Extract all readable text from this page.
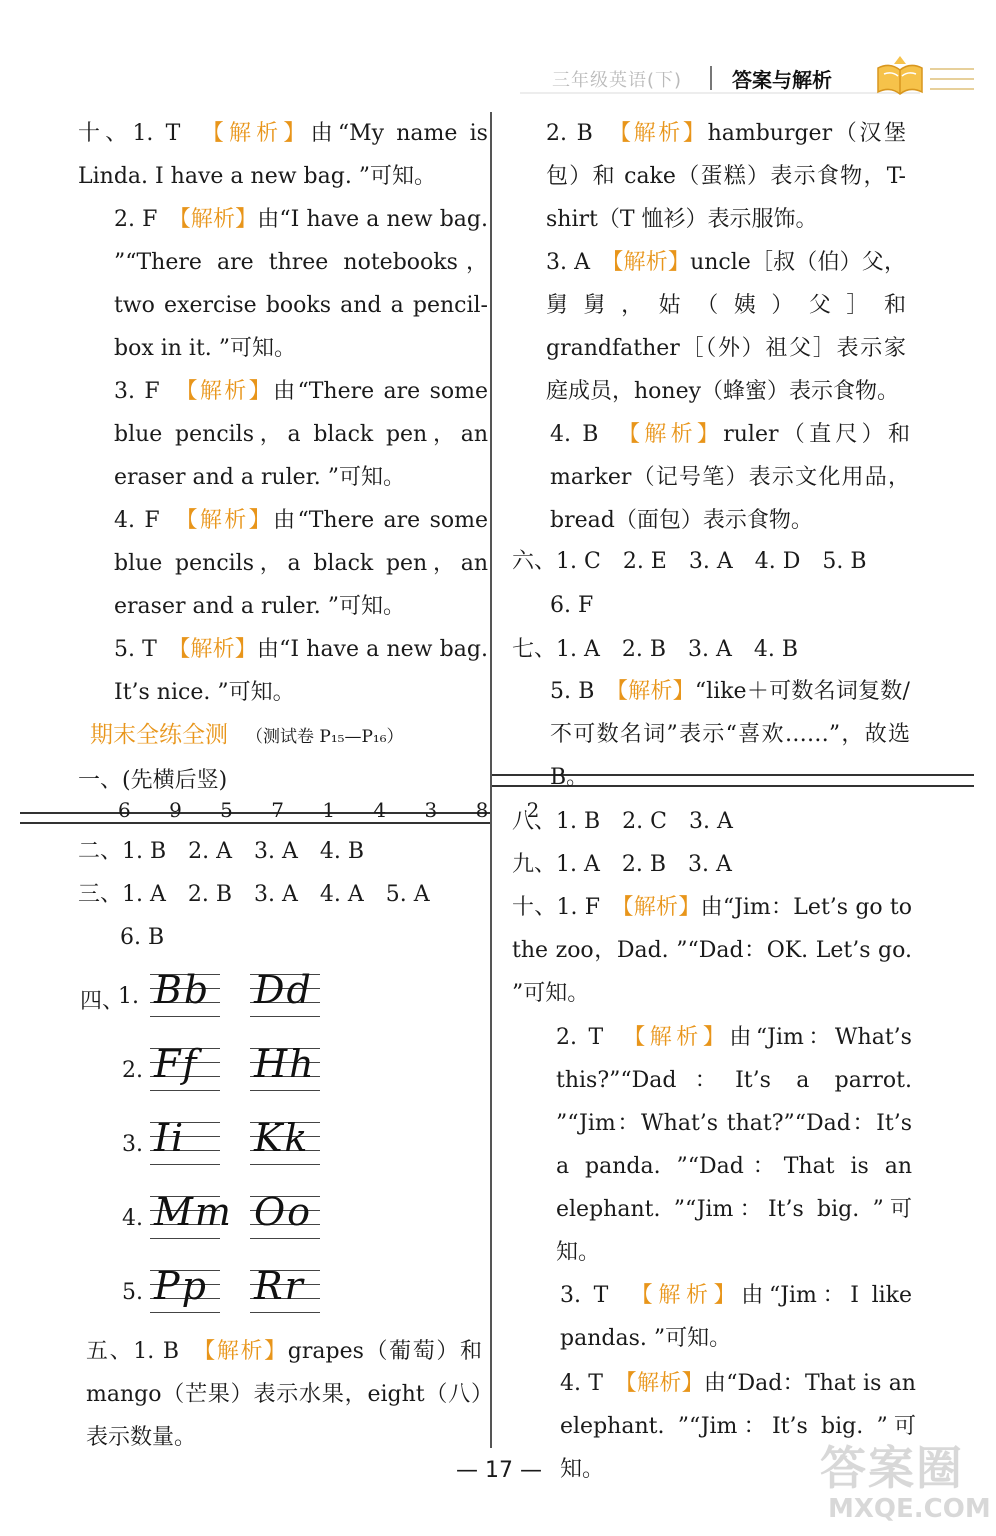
三年级英语(下) 答案与解析
十、1. T　 【解析】由“My name is Linda. I have a new bag. ”可知。
2. F　 【解析】由“I have a new bag. ”“There are three notebooks，two exercise books and a pencil-box in it. ”可知。
3. F　 【解析】由“There are some blue pencils，a black pen，an eraser and a ruler. ”可知。
4. F　 【解析】由“There are some blue pencils，a black pen，an eraser and a ruler. ”可知。
5. T　 【解析】由“I have a new bag. It’s nice. ”可知。
期末全练全测 （测试卷 P₁₅—P₁₆）
一、(先横后竖)
6 9 5 7 1 4 3 8 2
二、1. B　2. A　3. A　4. B
三、1. A　2. B　3. A　4. A　5. A
6. B
四、
1. Bb Dd
2. Ff Hh
3. Ii Kk
4. Mm Oo
5. Pp Rr
五、1. B　 【解析】grapes（葡萄）和 mango（芒果）表示水果，eight（八）表示数量。
2. B　 【解析】hamburger（汉堡包）和 cake（蛋糕）表示食物，T-shirt（T 恤衫）表示服饰。
3. A　 【解析】uncle［叔（伯）父，舅舅，姑（姨）父］和 grandfather［（外）祖父］表示家庭成员，honey（蜂蜜）表示食物。
4. B　 【解析】ruler（直尺）和 marker（记号笔）表示文化用品，bread（面包）表示食物。
六、1. C　2. E　3. A　4. D　5. B
6. F
七、1. A　2. B　3. A　4. B
5. B　 【解析】“like＋可数名词复数/不可数名词”表示“喜欢……”，故选 B。
八、1. B　2. C　3. A
九、1. A　2. B　3. A
十、1. F　 【解析】由“Jim：Let’s go to the zoo，Dad. ”“Dad：OK. Let’s go. ”可知。
2. T　 【解析】由“Jim：What’s this?”“Dad：It’s a parrot. ”“Jim：What’s that?”“Dad：It’s a panda. ”“Dad：That is an elephant. ”“Jim：It’s big. ”可知。
3. T　 【解析】由“Jim：I like pandas. ”可知。
4. T　 【解析】由“Dad：That is an elephant. ”“Jim：It’s big. ”可知。
— 17 —	答案圈
MXQE.COM
